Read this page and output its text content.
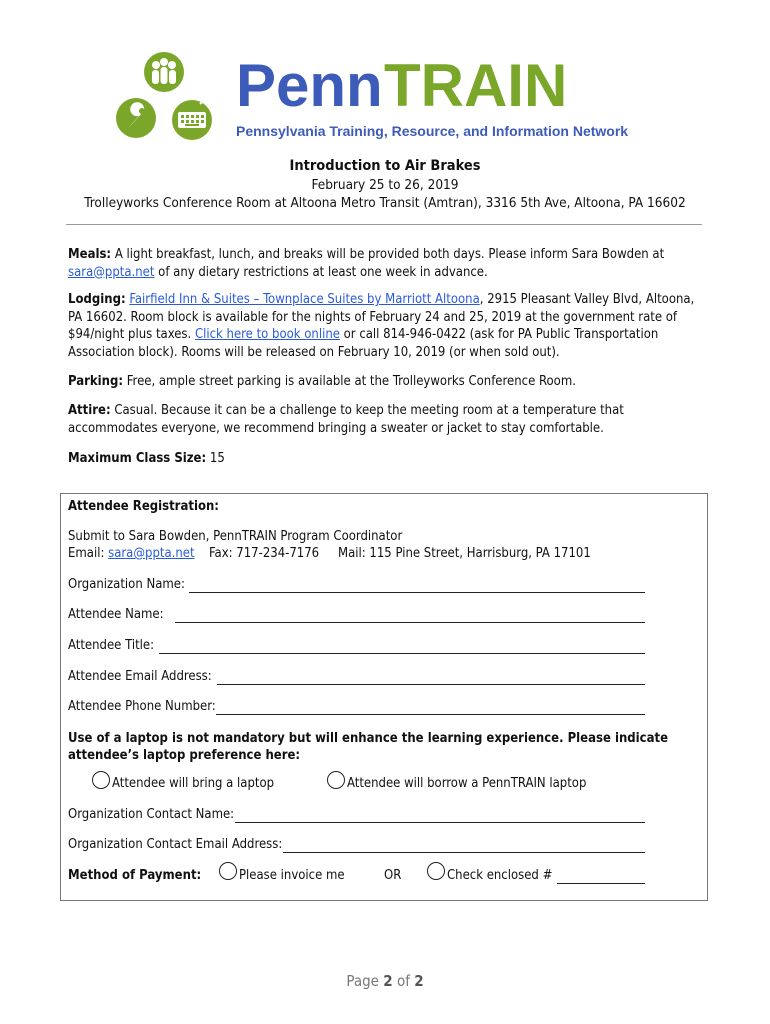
Penn TRAIN
Pennsylvania Training, Resource, and Information Network
Introduction to Air Brakes
February 25 to 26, 2019
Trolleyworks Conference Room at Altoona Metro Transit (Amtran), 3316 5th Ave, Altoona, PA 16602
Meals: A light breakfast, lunch, and breaks will be provided both days. Please inform Sara Bowden at
sara@ppta.net of any dietary restrictions at least one week in advance.
Lodging: Fairfield Inn & Suites – Townplace Suites by Marriott Altoona, 2915 Pleasant Valley Blvd, Altoona,
PA 16602. Room block is available for the nights of February 24 and 25, 2019 at the government rate of
$94/night plus taxes. Click here to book online or call 814-946-0422 (ask for PA Public Transportation
Association block). Rooms will be released on February 10, 2019 (or when sold out).
Parking: Free, ample street parking is available at the Trolleyworks Conference Room.
Attire: Casual. Because it can be a challenge to keep the meeting room at a temperature that
accommodates everyone, we recommend bringing a sweater or jacket to stay comfortable.
Maximum Class Size: 15
Attendee Registration:
Submit to Sara Bowden, PennTRAIN Program Coordinator
Email: sara@ppta.net Fax: 717-234-7176 Mail: 115 Pine Street, Harrisburg, PA 17101
Organization Name:
Attendee Name:
Attendee Title:
Attendee Email Address:
Attendee Phone Number:
Use of a laptop is not mandatory but will enhance the learning experience. Please indicate
attendee’s laptop preference here:
Attendee will bring a laptop	Attendee will borrow a PennTRAIN laptop
Organization Contact Name:
Organization Contact Email Address:
Method of Payment:	Please invoice me	OR	Check enclosed #
Page 2 of 2
